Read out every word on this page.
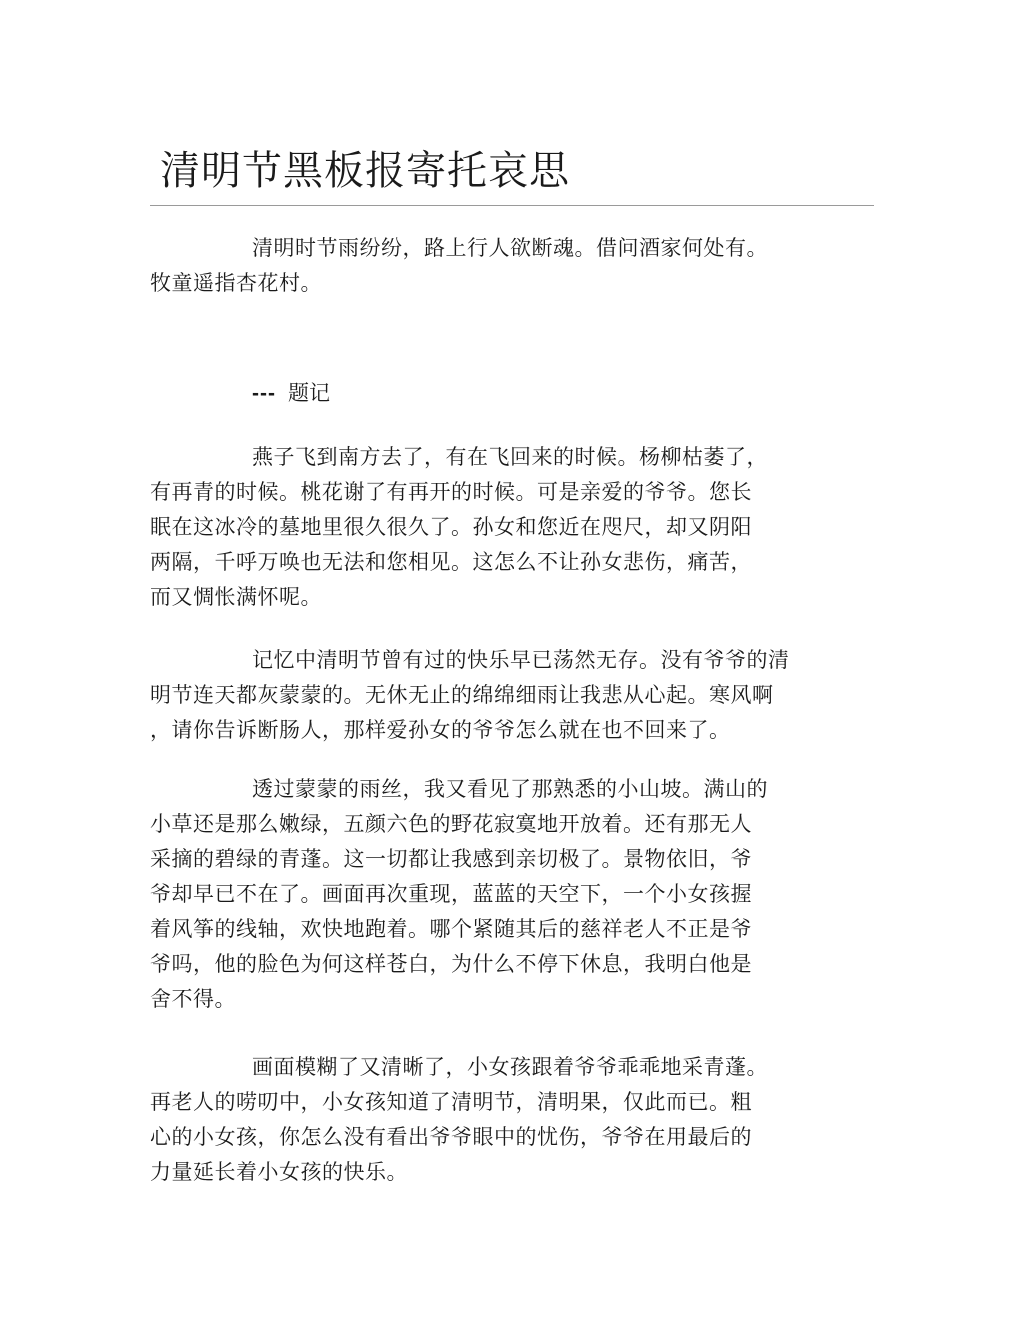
清明节黑板报寄托哀思
清明时节雨纷纷，路上行人欲断魂。借问酒家何处有。
牧童遥指杏花村。
--- 题记
燕子飞到南方去了，有在飞回来的时候。杨柳枯萎了，
有再青的时候。桃花谢了有再开的时候。可是亲爱的爷爷。您长
眠在这冰冷的墓地里很久很久了。孙女和您近在咫尺，却又阴阳
两隔，千呼万唤也无法和您相见。这怎么不让孙女悲伤，痛苦，
而又惆怅满怀呢。
记忆中清明节曾有过的快乐早已荡然无存。没有爷爷的清
明节连天都灰蒙蒙的。无休无止的绵绵细雨让我悲从心起。寒风啊
，请你告诉断肠人，那样爱孙女的爷爷怎么就在也不回来了。
透过蒙蒙的雨丝，我又看见了那熟悉的小山坡。满山的
小草还是那么嫩绿，五颜六色的野花寂寞地开放着。还有那无人
采摘的碧绿的青蓬。这一切都让我感到亲切极了。景物依旧，爷
爷却早已不在了。画面再次重现，蓝蓝的天空下，一个小女孩握
着风筝的线轴，欢快地跑着。哪个紧随其后的慈祥老人不正是爷
爷吗，他的脸色为何这样苍白，为什么不停下休息，我明白他是
舍不得。
画面模糊了又清晰了，小女孩跟着爷爷乖乖地采青蓬。
再老人的唠叨中，小女孩知道了清明节，清明果，仅此而已。粗
心的小女孩，你怎么没有看出爷爷眼中的忧伤，爷爷在用最后的
力量延长着小女孩的快乐。
